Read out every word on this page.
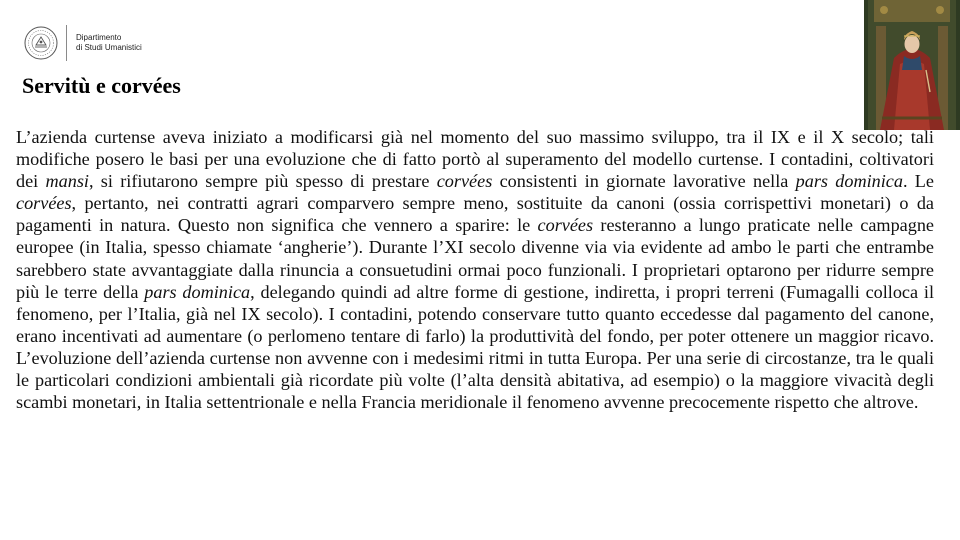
Dipartimento
di Studi Umanistici
Servitù e corvées

L’azienda curtense aveva iniziato a modificarsi già nel momento del suo massimo sviluppo, tra il IX e il X secolo; tali modifiche posero le basi per una evoluzione che di fatto portò al superamento del modello curtense. I contadini, coltivatori dei mansi, si rifiutarono sempre più spesso di prestare corvées consistenti in giornate lavorative nella pars dominica. Le corvées, pertanto, nei contratti agrari comparvero sempre meno, sostituite da canoni (ossia corrispettivi monetari) o da pagamenti in natura. Questo non significa che vennero a sparire: le corvées resteranno a lungo praticate nelle campagne europee (in Italia, spesso chiamate ‘angherie’). Durante l’XI secolo divenne via via evidente ad ambo le parti che entrambe sarebbero state avvantaggiate dalla rinuncia a consuetudini ormai poco funzionali. I proprietari optarono per ridurre sempre più le terre della pars dominica, delegando quindi ad altre forme di gestione, indiretta, i propri terreni (Fumagalli colloca il fenomeno, per l’Italia, già nel IX secolo). I contadini, potendo conservare tutto quanto eccedesse dal pagamento del canone, erano incentivati ad aumentare (o perlomeno tentare di farlo) la produttività del fondo, per poter ottenere un maggior ricavo. L’evoluzione dell’azienda curtense non avvenne con i medesimi ritmi in tutta Europa. Per una serie di circostanze, tra le quali le particolari condizioni ambientali già ricordate più volte (l’alta densità abitativa, ad esempio) o la maggiore vivacità degli scambi monetari, in Italia settentrionale e nella Francia meridionale il fenomeno avvenne precocemente rispetto che altrove.
